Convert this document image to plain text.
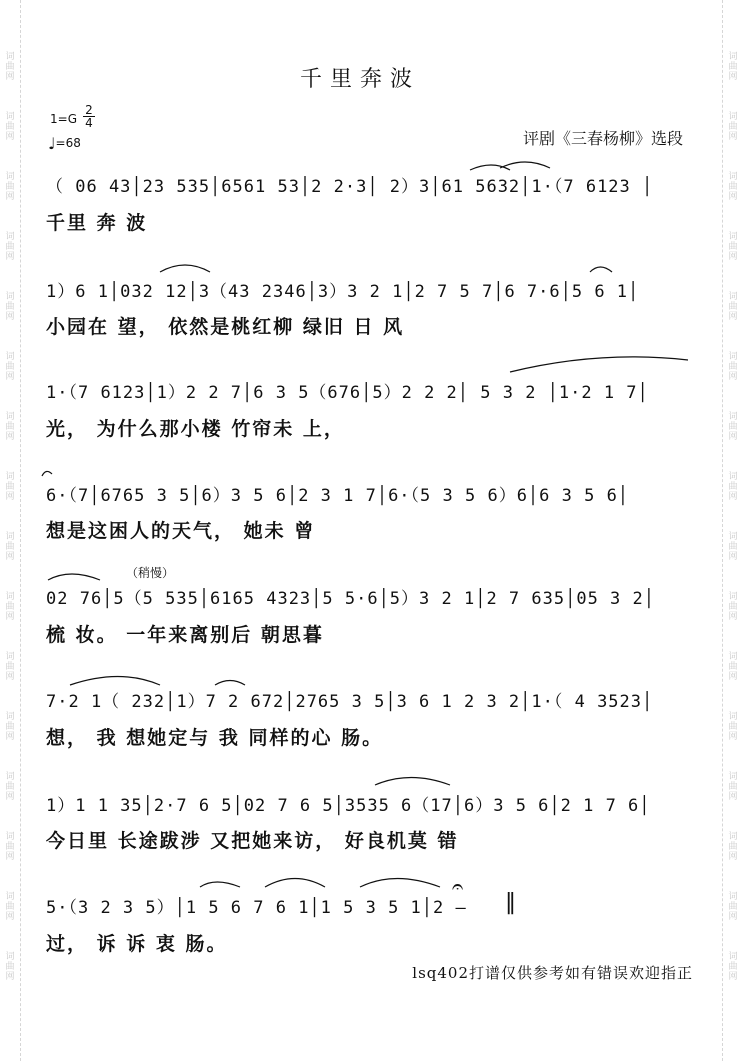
词
曲
网
词
曲
网
词
曲
网
词
曲
网
词
曲
网
词
曲
网
词
曲
网
词
曲
网
词
曲
网
词
曲
网
词
曲
网
词
曲
网
词
曲
网
词
曲
网
词
曲
网
词
曲
网
词
曲
网
词
曲
网
词
曲
网
词
曲
网
词
曲
网
词
曲
网
词
曲
网
词
曲
网
词
曲
网
词
曲
网
词
曲
网
词
曲
网
词
曲
网
词
曲
网
词
曲
网
词
曲
网
千里奔波
1=G
2
4
♩=68	评剧《三春杨柳》选段
（ 06 43│23 535│6561 53│2 2·3│ 2）3│61 5632│1·（7 6123 │
千里 奔 波
1）6 1│032 12│3（43 2346│3）3 2 1│2 7 5 7│6 7·6│5 6 1│
小园在 望， 依然是桃红柳 绿旧 日 风
1·（7 6123│1）2 2 7│6 3 5（676│5）2 2 2│ 5 3 2 │1·2 1 7│
光， 为什么那小楼 竹帘未 上，
6·（7│6765 3 5│6）3 5 6│2 3 1 7│6·（5 3 5 6）6│6 3 5 6│
想是这困人的天气， 她未 曾
（稍慢）
02 76│5（5 535│6165 4323│5 5·6│5）3 2 1│2 7 635│05 3 2│
梳 妆。 一年来离别后 朝思暮
7·2 1（ 232│1）7 2 672│2765 3 5│3 6 1 2 3 2│1·（ 4 3523│
想， 我 想她定与 我 同样的心 肠。
1）1 1 35│2·7 6 5│02 7 6 5│3535 6（17│6）3 5 6│2 1 7 6│
今日里 长途跋涉 又把她来访， 好良机莫 错
5·（3 2 3 5）│1 5 6 7 6 1│1 5 3 5 1│2 –
过， 诉 诉 衷 肠。
𝄐
‖
lsq402打谱仅供参考如有错误欢迎指正
